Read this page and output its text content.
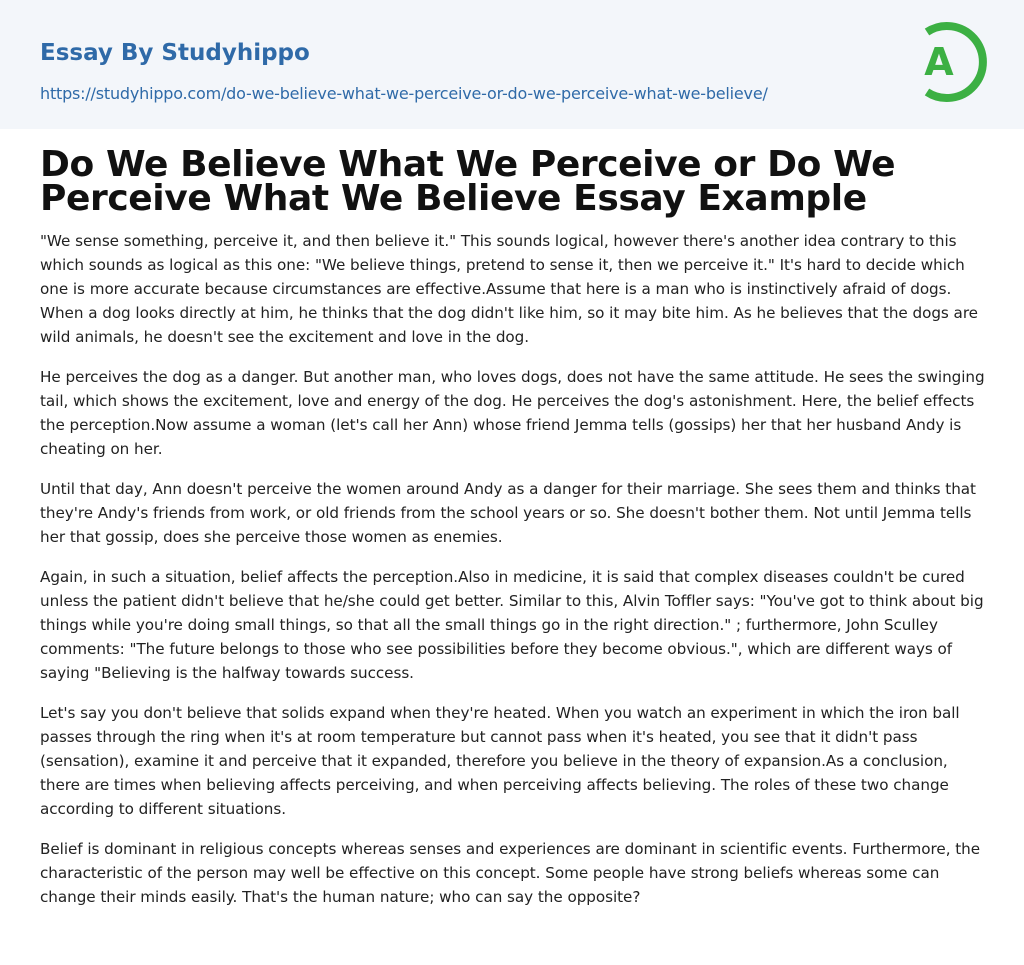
Essay By Studyhippo
https://studyhippo.com/do-we-believe-what-we-perceive-or-do-we-perceive-what-we-believe/
A
Do We Believe What We Perceive or Do We Perceive What We Believe Essay Example

"We sense something, perceive it, and then believe it." This sounds logical, however there's another idea contrary to this which sounds as logical as this one: "We believe things, pretend to sense it, then we perceive it." It's hard to decide which one is more accurate because circumstances are effective.Assume that here is a man who is instinctively afraid of dogs. When a dog looks directly at him, he thinks that the dog didn't like him, so it may bite him. As he believes that the dogs are wild animals, he doesn't see the excitement and love in the dog.

He perceives the dog as a danger. But another man, who loves dogs, does not have the same attitude. He sees the swinging tail, which shows the excitement, love and energy of the dog. He perceives the dog's astonishment. Here, the belief effects the perception.Now assume a woman (let's call her Ann) whose friend Jemma tells (gossips) her that her husband Andy is cheating on her.

Until that day, Ann doesn't perceive the women around Andy as a danger for their marriage. She sees them and thinks that they're Andy's friends from work, or old friends from the school years or so. She doesn't bother them. Not until Jemma tells her that gossip, does she perceive those women as enemies.

Again, in such a situation, belief affects the perception.Also in medicine, it is said that complex diseases couldn't be cured unless the patient didn't believe that he/she could get better. Similar to this, Alvin Toffler says: "You've got to think about big things while you're doing small things, so that all the small things go in the right direction." ; furthermore, John Sculley comments: "The future belongs to those who see possibilities before they become obvious.", which are different ways of saying "Believing is the halfway towards success.

Let's say you don't believe that solids expand when they're heated. When you watch an experiment in which the iron ball passes through the ring when it's at room temperature but cannot pass when it's heated, you see that it didn't pass (sensation), examine it and perceive that it expanded, therefore you believe in the theory of expansion.As a conclusion, there are times when believing affects perceiving, and when perceiving affects believing. The roles of these two change according to different situations.

Belief is dominant in religious concepts whereas senses and experiences are dominant in scientific events. Furthermore, the characteristic of the person may well be effective on this concept. Some people have strong beliefs whereas some can change their minds easily. That's the human nature; who can say the opposite?
